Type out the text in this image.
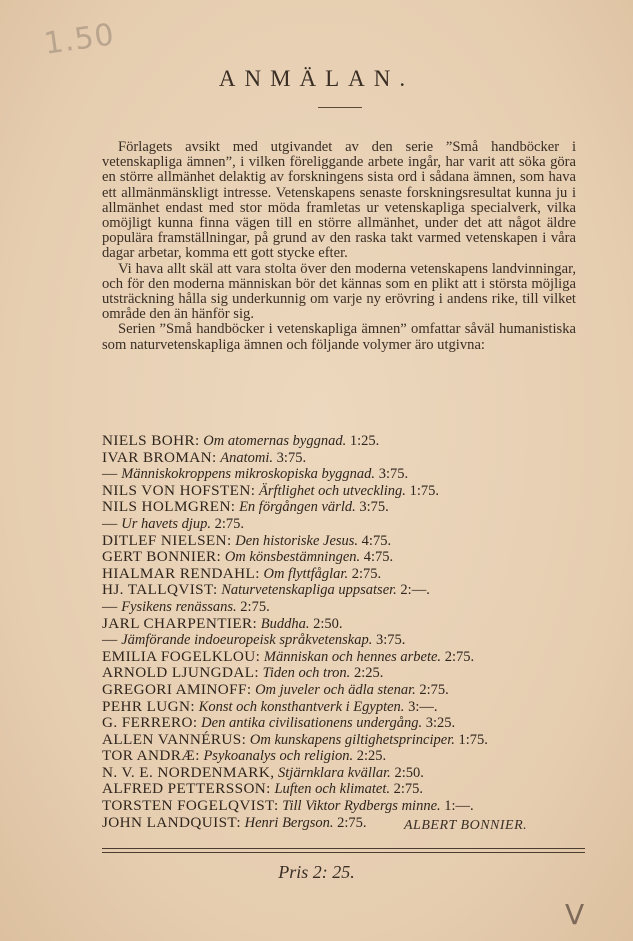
1.50
ANMÄLAN.

Förlagets avsikt med utgivandet av den serie ”Små handböcker i vetenskapliga ämnen”, i vilken föreliggande arbete ingår, har varit att söka göra en större allmänhet delaktig av forskningens sista ord i sådana ämnen, som hava ett allmänmänskligt intresse. Vetenskapens senaste forskningsresultat kunna ju i allmänhet endast med stor möda framletas ur vetenskapliga specialverk, vilka omöjligt kunna finna vägen till en större allmänhet, under det att något äldre populära framställningar, på grund av den raska takt varmed vetenskapen i våra dagar arbetar, komma ett gott stycke efter.

Vi hava allt skäl att vara stolta över den moderna vetenskapens landvinningar, och för den moderna människan bör det kännas som en plikt att i största möjliga utsträckning hålla sig underkunnig om varje ny erövring i andens rike, till vilket område den än hänför sig.

Serien ”Små handböcker i vetenskapliga ämnen” omfattar såväl humanistiska som naturvetenskapliga ämnen och följande volymer äro utgivna:

NIELS BOHR: Om atomernas byggnad. 1:25.
IVAR BROMAN: Anatomi. 3:75.
— Människokroppens mikroskopiska byggnad. 3:75.
NILS VON HOFSTEN: Ärftlighet och utveckling. 1:75.
NILS HOLMGREN: En förgången värld. 3:75.
— Ur havets djup. 2:75.
DITLEF NIELSEN: Den historiske Jesus. 4:75.
GERT BONNIER: Om könsbestämningen. 4:75.
HIALMAR RENDAHL: Om flyttfåglar. 2:75.
HJ. TALLQVIST: Naturvetenskapliga uppsatser. 2:—.
— Fysikens renässans. 2:75.
JARL CHARPENTIER: Buddha. 2:50.
— Jämförande indoeuropeisk språkvetenskap. 3:75.
EMILIA FOGELKLOU: Människan och hennes arbete. 2:75.
ARNOLD LJUNGDAL: Tiden och tron. 2:25.
GREGORI AMINOFF: Om juveler och ädla stenar. 2:75.
PEHR LUGN: Konst och konsthantverk i Egypten. 3:—.
G. FERRERO: Den antika civilisationens undergång. 3:25.
ALLEN VANNÉRUS: Om kunskapens giltighetsprinciper. 1:75.
TOR ANDRÆ: Psykoanalys och religion. 2:25.
N. V. E. NORDENMARK, Stjärnklara kvällar. 2:50.
ALFRED PETTERSSON: Luften och klimatet. 2:75.
TORSTEN FOGELQVIST: Till Viktor Rydbergs minne. 1:—.
JOHN LANDQUIST: Henri Bergson. 2:75.	ALBERT BONNIER.
Pris 2: 25.
V
